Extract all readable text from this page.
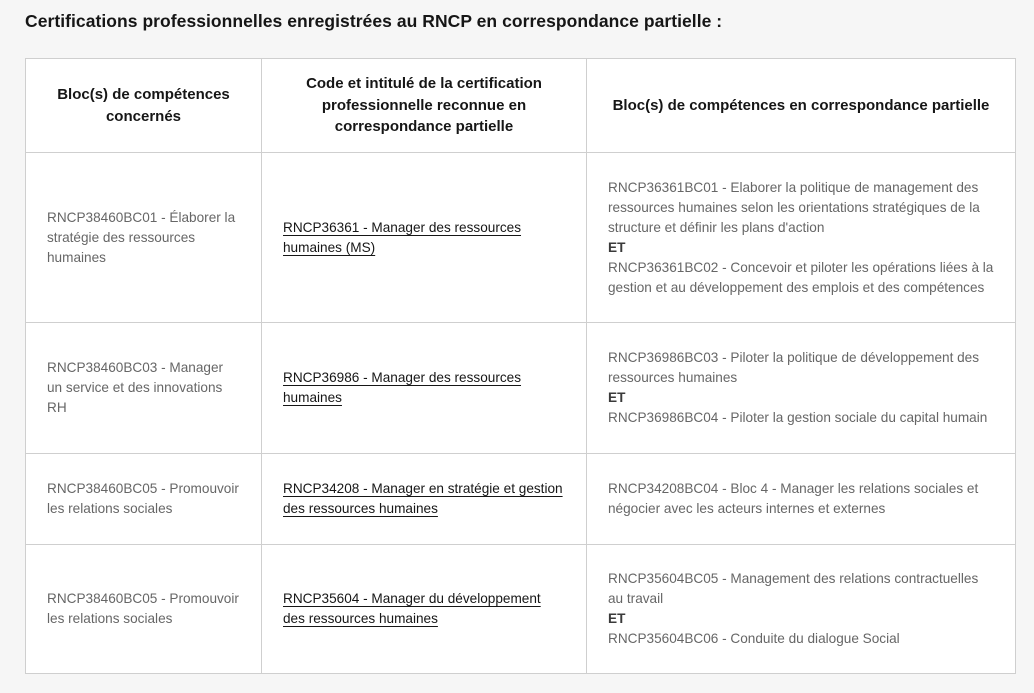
Certifications professionnelles enregistrées au RNCP en correspondance partielle :
Bloc(s) de compétences concernés	Code et intitulé de la certification professionnelle reconnue en correspondance partielle	Bloc(s) de compétences en correspondance partielle
RNCP38460BC01 - Élaborer la stratégie des ressources humaines	RNCP36361 - Manager des ressources humaines (MS)	RNCP36361BC01 - Elaborer la politique de management des ressources humaines selon les orientations stratégiques de la structure et définir les plans d'action
ET
RNCP36361BC02 - Concevoir et piloter les opérations liées à la gestion et au développement des emplois et des compétences

RNCP38460BC03 - Manager un service et des innovations RH	RNCP36986 - Manager des ressources humaines	RNCP36986BC03 - Piloter la politique de développement des ressources humaines
ET
RNCP36986BC04 - Piloter la gestion sociale du capital humain

RNCP38460BC05 - Promouvoir les relations sociales	RNCP34208 - Manager en stratégie et gestion des ressources humaines	RNCP34208BC04 - Bloc 4 - Manager les relations sociales et négocier avec les acteurs internes et externes

RNCP38460BC05 - Promouvoir les relations sociales	RNCP35604 - Manager du développement des ressources humaines	RNCP35604BC05 - Management des relations contractuelles au travail
ET
RNCP35604BC06 - Conduite du dialogue Social
